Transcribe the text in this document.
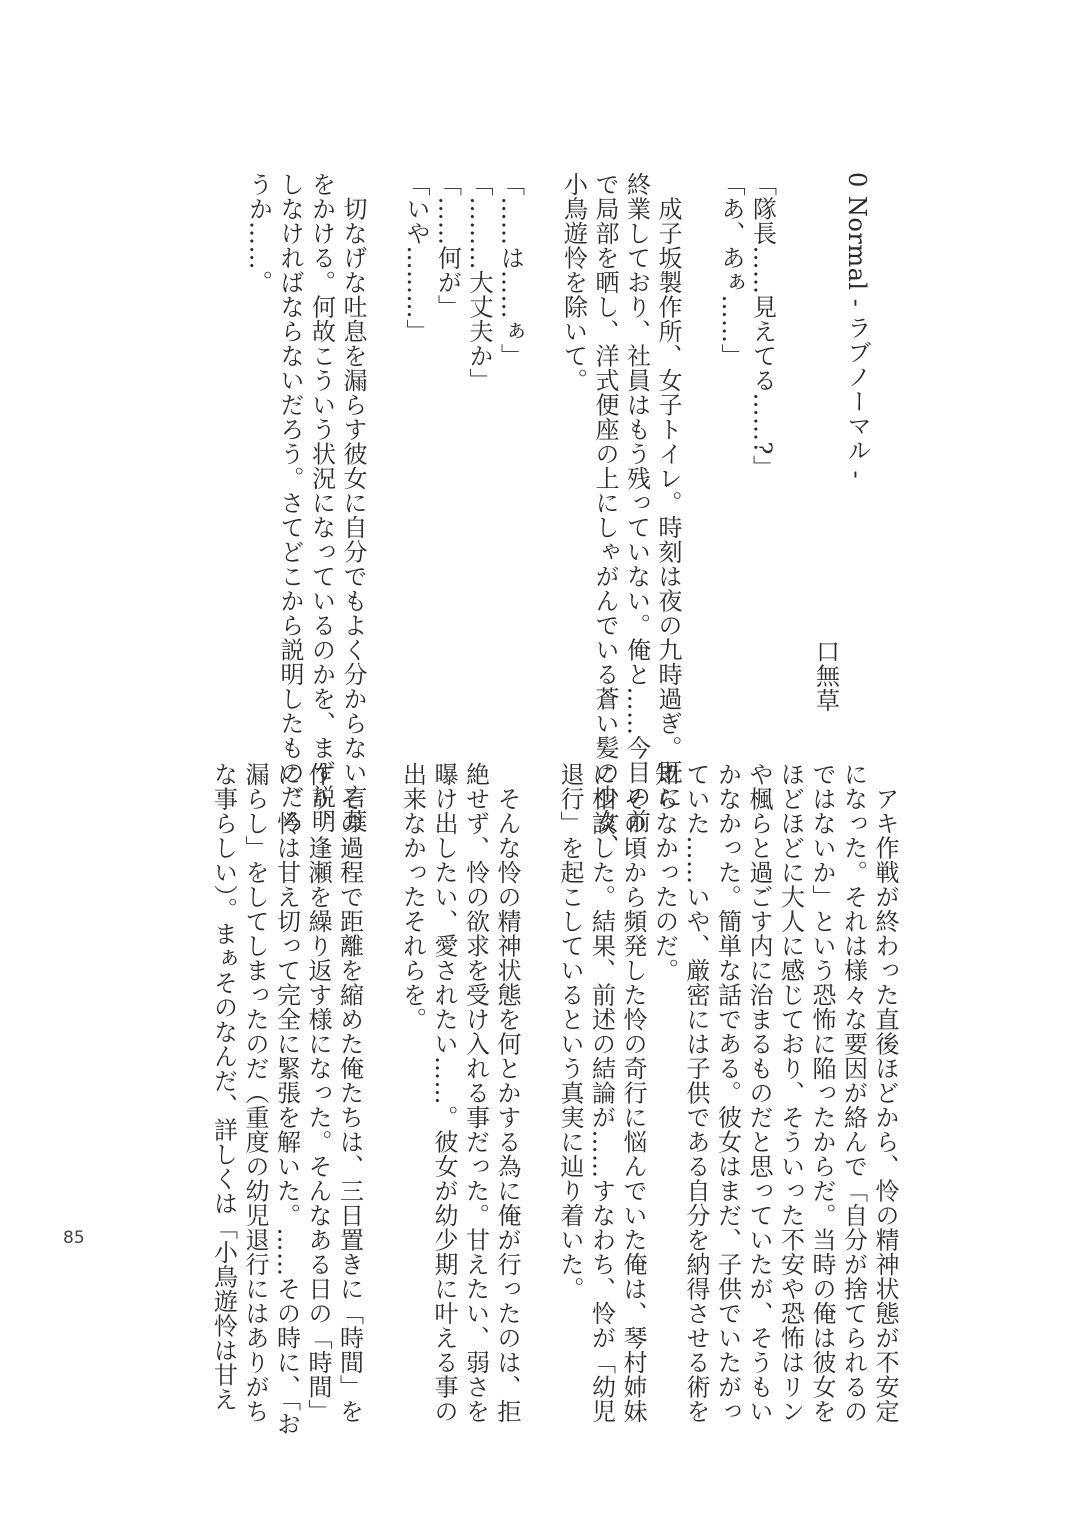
0 Normal - ラブノーマル -

口無草

「隊長……見えてる……?」

「あ、あぁ……」

　成子坂製作所、女子トイレ。時刻は夜の九時過ぎ。既に

終業しており、社員はもう残っていない。俺と……今目の前

で局部を晒し、洋式便座の上にしゃがんでいる蒼い髪の少女、

小鳥遊怜を除いて。

「……は……ぁ」

「………大丈夫か」

「……何が」

「いや………」

　切なげな吐息を漏らす彼女に自分でもよく分からない言葉

をかける。何故こういう状況になっているのかを、まず説明

しなければならないだろう。さてどこから説明したものだろ

うか……。

　アキ作戦が終わった直後ほどから、怜の精神状態が不安定

になった。それは様々な要因が絡んで「自分が捨てられるの

ではないか」という恐怖に陥ったからだ。当時の俺は彼女を

ほどほどに大人に感じており、そういった不安や恐怖はリン

や楓らと過ごす内に治まるものだと思っていたが、そうもい

かなかった。簡単な話である。彼女はまだ、子供でいたがっ

ていた……いや、厳密には子供である自分を納得させる術を

知らなかったのだ。

　その頃から頻発した怜の奇行に悩んでいた俺は、琴村姉妹

に相談した。結果、前述の結論が……すなわち、怜が「幼児

退行」を起こしているという真実に辿り着いた。

　そんな怜の精神状態を何とかする為に俺が行ったのは、拒

絶せず、怜の欲求を受け入れる事だった。甘えたい、弱さを

曝け出したい、愛されたい……。彼女が幼少期に叶える事の

出来なかったそれらを。

　その過程で距離を縮めた俺たちは、三日置きに「時間」を

作り、逢瀬を繰り返す様になった。そんなある日の「時間」

に、怜は甘え切って完全に緊張を解いた。……その時に、「お

漏らし」をしてしまったのだ（重度の幼児退行にはありがち

な事らしい）。まぁそのなんだ、詳しくは「小鳥遊怜は甘え

85
